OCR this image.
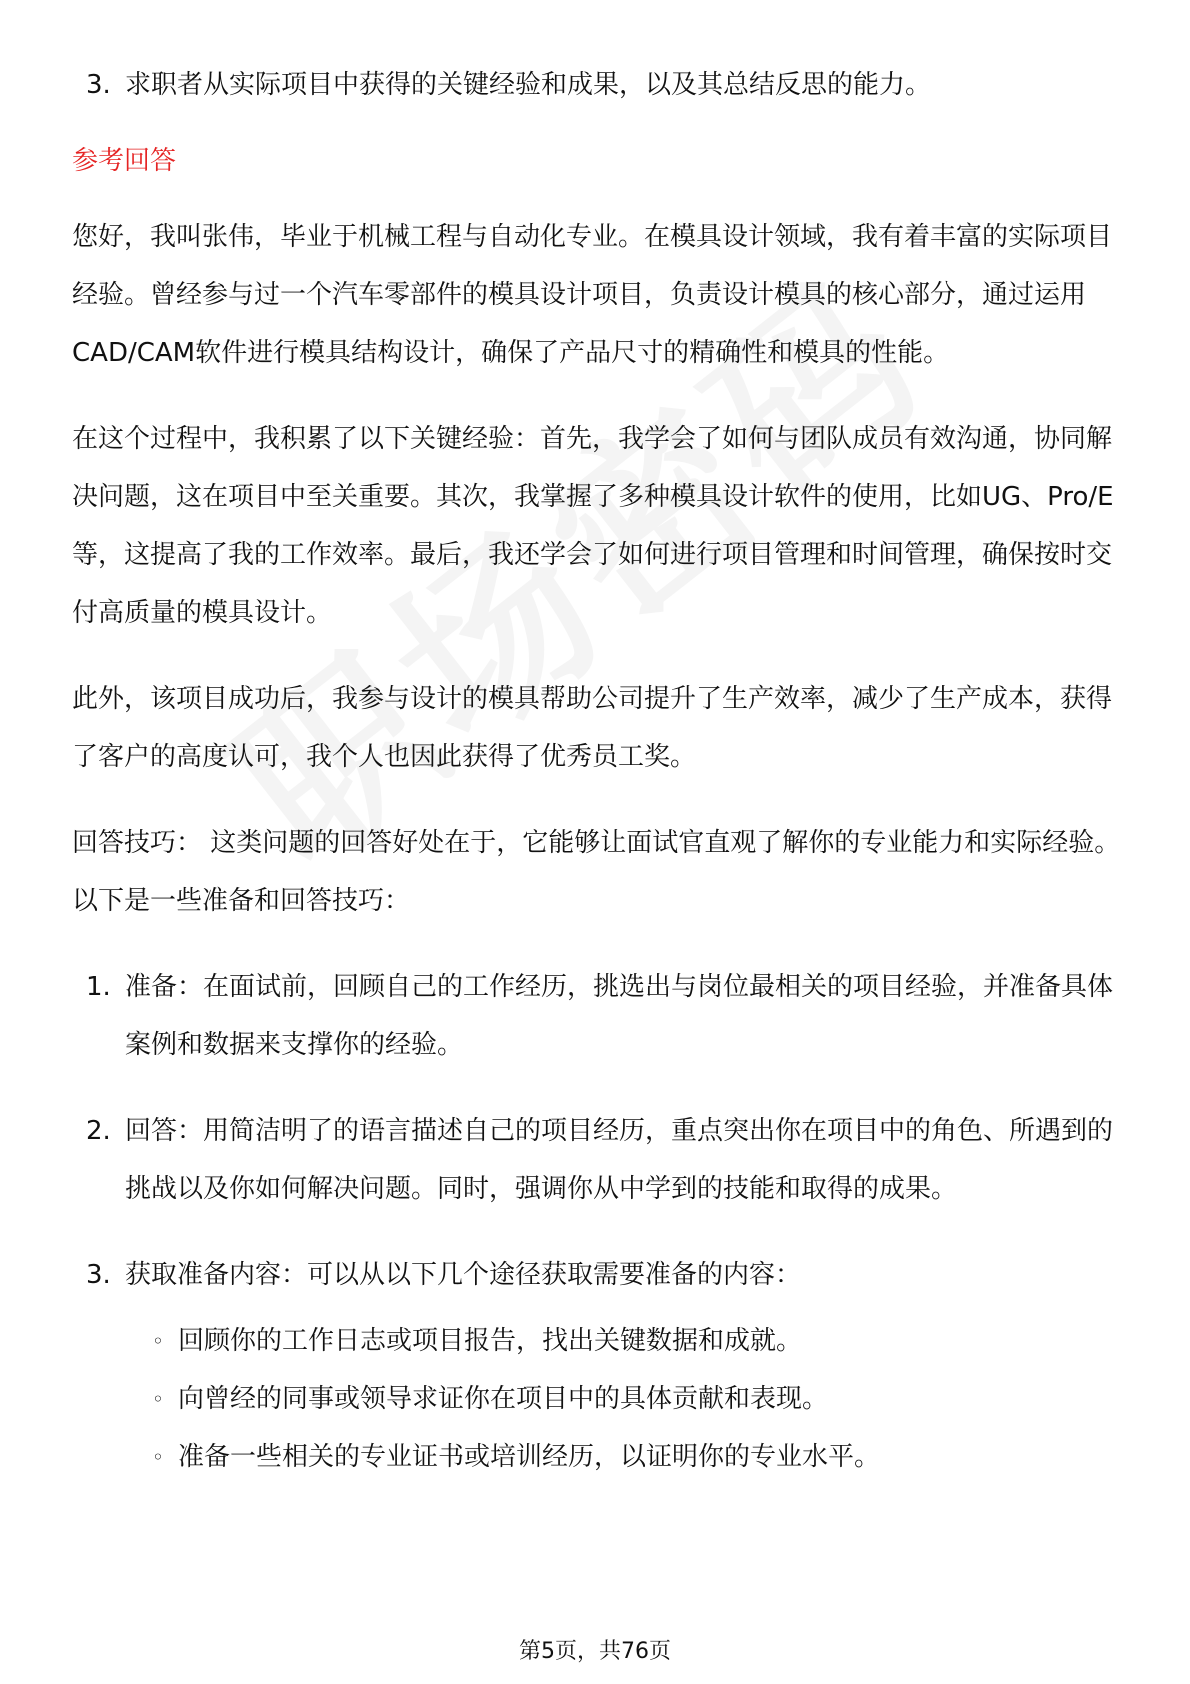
3. 求职者从实际项目中获得的关键经验和成果，以及其总结反思的能力。
参考回答

您好，我叫张伟，毕业于机械工程与自动化专业。在模具设计领域，我有着丰富的实际项目经验。曾经参与过一个汽车零部件的模具设计项目，负责设计模具的核心部分，通过运用CAD/CAM软件进行模具结构设计，确保了产品尺寸的精确性和模具的性能。

在这个过程中，我积累了以下关键经验：首先，我学会了如何与团队成员有效沟通，协同解决问题，这在项目中至关重要。其次，我掌握了多种模具设计软件的使用，比如UG、Pro/E等，这提高了我的工作效率。最后，我还学会了如何进行项目管理和时间管理，确保按时交付高质量的模具设计。

此外，该项目成功后，我参与设计的模具帮助公司提升了生产效率，减少了生产成本，获得了客户的高度认可，我个人也因此获得了优秀员工奖。

回答技巧： 这类问题的回答好处在于，它能够让面试官直观了解你的专业能力和实际经验。以下是一些准备和回答技巧：

1. 准备：在面试前，回顾自己的工作经历，挑选出与岗位最相关的项目经验，并准备具体案例和数据来支撑你的经验。
2. 回答：用简洁明了的语言描述自己的项目经历，重点突出你在项目中的角色、所遇到的挑战以及你如何解决问题。同时，强调你从中学到的技能和取得的成果。
3. 获取准备内容：可以从以下几个途径获取需要准备的内容：
◦ 回顾你的工作日志或项目报告，找出关键数据和成就。
◦ 向曾经的同事或领导求证你在项目中的具体贡献和表现。
◦ 准备一些相关的专业证书或培训经历，以证明你的专业水平。
第5页，共76页
